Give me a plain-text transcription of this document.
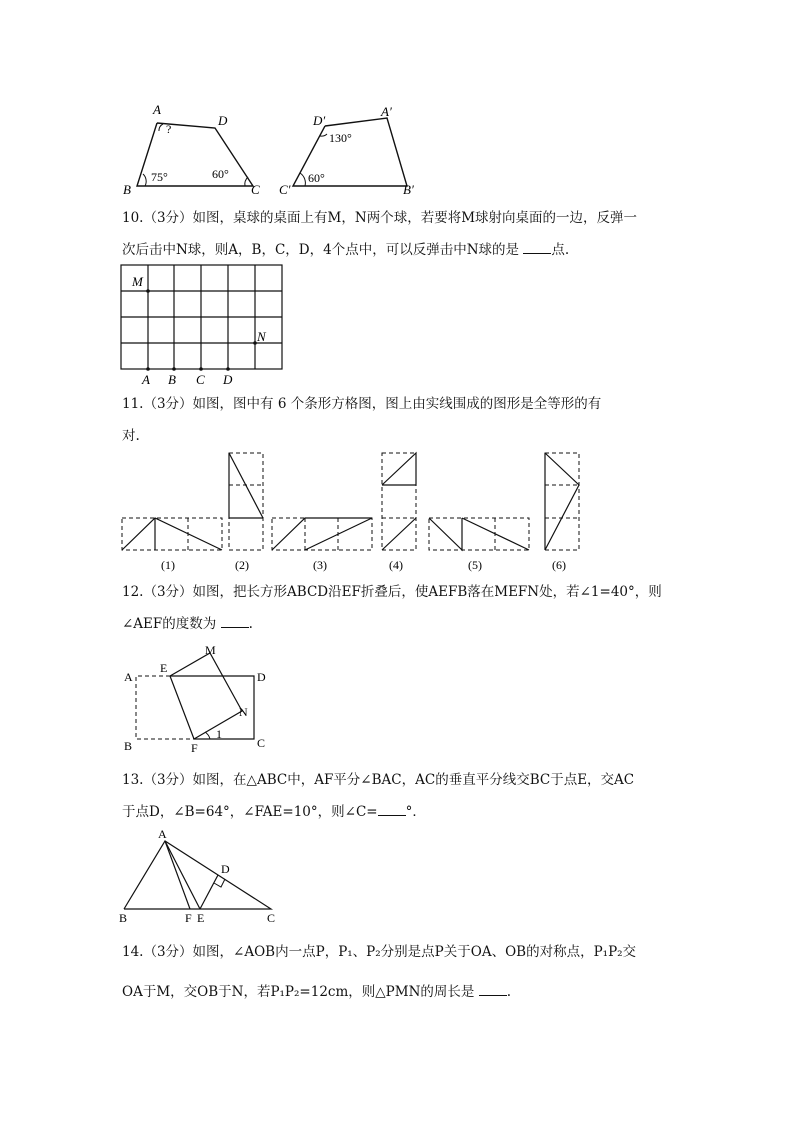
A
D
B	C
?
75°	60°
D′
A′
C′	B′
130°
60°
10.（3分）如图，桌球的桌面上有M，N两个球，若要将M球射向桌面的一边，反弹一
次后击中N球，则A，B，C，D，4个点中，可以反弹击中N球的是 点.
M
N
A B C D
11.（3分）如图，图中有 6 个条形方格图，图上由实线围成的图形是全等形的有
对.
(1)	(2)	(3)	(4)	(5)	(6)
12.（3分）如图，把长方形ABCD沿EF折叠后，使AEFB落在MEFN处，若∠1=40°，则
∠AEF的度数为 .
A
B
D
C
E
F
M
N
1
13.（3分）如图，在△ABC中，AF平分∠BAC，AC的垂直平分线交BC于点E，交AC
于点D，∠B=64°，∠FAE=10°，则∠C= °．
A
B	F E	C
D
14.（3分）如图，∠AOB内一点P，P₁、P₂分别是点P关于OA、OB的对称点，P₁P₂交
OA于M，交OB于N，若P₁P₂=12cm，则△PMN的周长是 .
